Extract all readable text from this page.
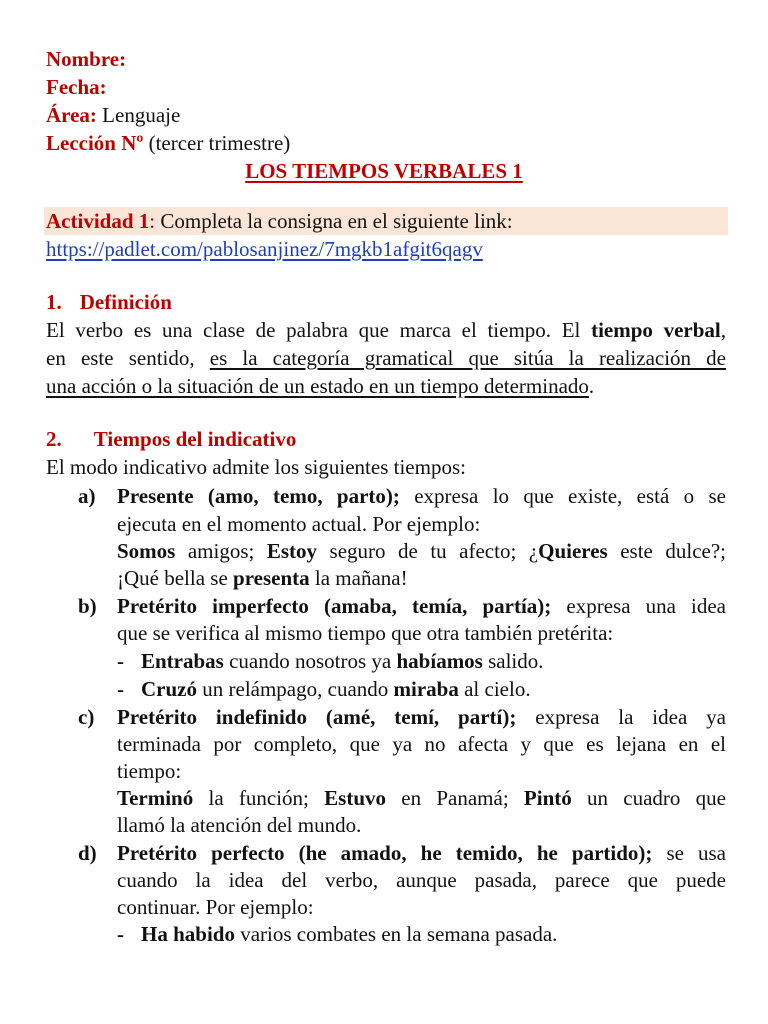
Nombre:
Fecha:
Área: Lenguaje
Lección Nº (tercer trimestre)
LOS TIEMPOS VERBALES 1
Actividad 1: Completa la consigna en el siguiente link:
https://padlet.com/pablosanjinez/7mgkb1afgit6qagv
1. Definición
El verbo es una clase de palabra que marca el tiempo. El tiempo verbal,
en este sentido, es la categoría gramatical que sitúa la realización de
una acción o la situación de un estado en un tiempo determinado.
2. Tiempos del indicativo
El modo indicativo admite los siguientes tiempos:
a) Presente (amo, temo, parto); expresa lo que existe, está o se
ejecuta en el momento actual. Por ejemplo:
Somos amigos; Estoy seguro de tu afecto; ¿Quieres este dulce?;
¡Qué bella se presenta la mañana!
b) Pretérito imperfecto (amaba, temía, partía); expresa una idea
que se verifica al mismo tiempo que otra también pretérita:
- Entrabas cuando nosotros ya habíamos salido.
- Cruzó un relámpago, cuando miraba al cielo.
c) Pretérito indefinido (amé, temí, partí); expresa la idea ya
terminada por completo, que ya no afecta y que es lejana en el
tiempo:
Terminó la función; Estuvo en Panamá; Pintó un cuadro que
llamó la atención del mundo.
d) Pretérito perfecto (he amado, he temido, he partido); se usa
cuando la idea del verbo, aunque pasada, parece que puede
continuar. Por ejemplo:
- Ha habido varios combates en la semana pasada.
